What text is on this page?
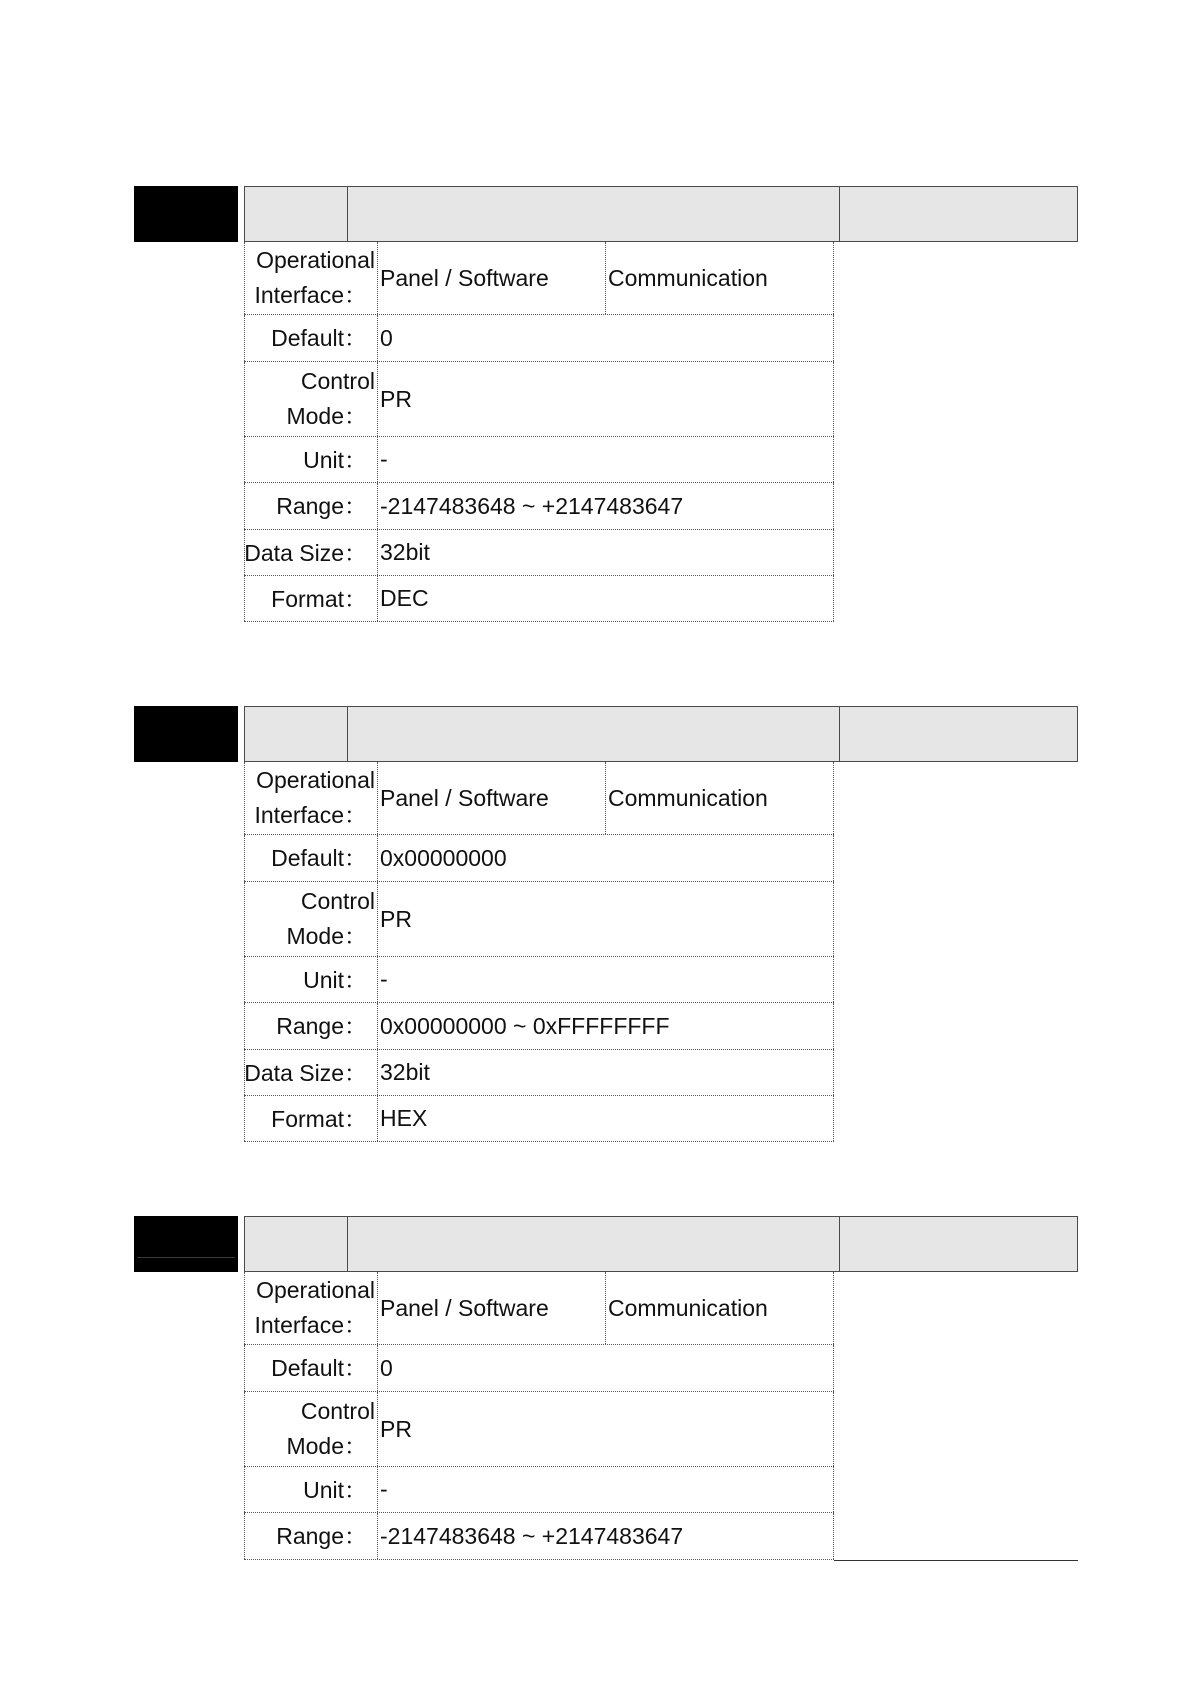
Operational
Interface：
Panel / Software	Communication
Default： 0
Control
Mode：
PR
Unit： -
Range： -2147483648 ~ +2147483647
Data Size： 32bit
Format： DEC
Operational
Interface：
Panel / Software	Communication
Default： 0x00000000
Control
Mode：
PR
Unit： -
Range： 0x00000000 ~ 0xFFFFFFFF
Data Size： 32bit
Format： HEX
Operational
Interface：
Panel / Software	Communication
Default： 0
Control
Mode：
PR
Unit： -
Range： -2147483648 ~ +2147483647
